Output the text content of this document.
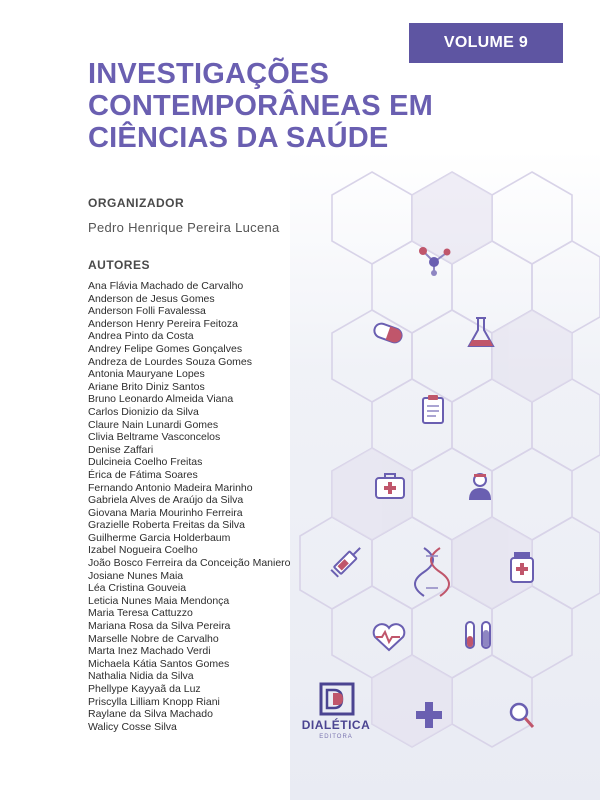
VOLUME 9
INVESTIGAÇÕES
CONTEMPORÂNEAS EM
CIÊNCIAS DA SAÚDE
ORGANIZADOR
Pedro Henrique Pereira Lucena
AUTORES
Ana Flávia Machado de Carvalho
Anderson de Jesus Gomes
Anderson Folli Favalessa
Anderson Henry Pereira Feitoza
Andrea Pinto da Costa
Andrey Felipe Gomes Gonçalves
Andreza de Lourdes Souza Gomes
Antonia Mauryane Lopes
Ariane Brito Diniz Santos
Bruno Leonardo Almeida Viana
Carlos Dionizio da Silva
Claure Nain Lunardi Gomes
Clivia Beltrame Vasconcelos
Denise Zaffari
Dulcineia Coelho Freitas
Érica de Fátima Soares
Fernando Antonio Madeira Marinho
Gabriela Alves de Araújo da Silva
Giovana Maria Mourinho Ferreira
Grazielle Roberta Freitas da Silva
Guilherme Garcia Holderbaum
Izabel Nogueira Coelho
João Bosco Ferreira da Conceição Maniero
Josiane Nunes Maia
Léa Cristina Gouveia
Leticia Nunes Maia Mendonça
Maria Teresa Cattuzzo
Mariana Rosa da Silva Pereira
Marselle Nobre de Carvalho
Marta Inez Machado Verdi
Michaela Kátia Santos Gomes
Nathalia Nidia da Silva
Phellype Kayyaã da Luz
Priscylla Lilliam Knopp Riani
Raylane da Silva Machado
Walicy Cosse Silva	DIALÉTICA
EDITORA
